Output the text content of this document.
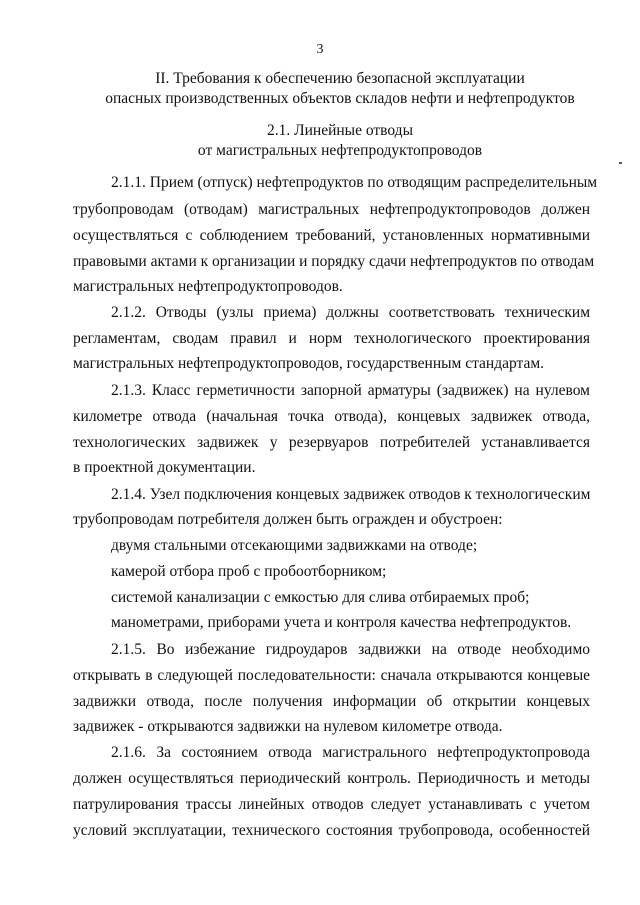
3
II. Требования к обеспечению безопасной эксплуатации
опасных производственных объектов складов нефти и нефтепродуктов
2.1. Линейные отводы
от магистральных нефтепродуктопроводов
2.1.1. Прием (отпуск) нефтепродуктов по отводящим распределительным
трубопроводам (отводам) магистральных нефтепродуктопроводов должен
осуществляться с соблюдением требований, установленных нормативными
правовыми актами к организации и порядку сдачи нефтепродуктов по отводам
магистральных нефтепродуктопроводов.
2.1.2. Отводы (узлы приема) должны соответствовать техническим
регламентам, сводам правил и норм технологического проектирования
магистральных нефтепродуктопроводов, государственным стандартам.
2.1.3. Класс герметичности запорной арматуры (задвижек) на нулевом
километре отвода (начальная точка отвода), концевых задвижек отвода,
технологических задвижек у резервуаров потребителей устанавливается
в проектной документации.
2.1.4. Узел подключения концевых задвижек отводов к технологическим
трубопроводам потребителя должен быть огражден и обустроен:
двумя стальными отсекающими задвижками на отводе;
камерой отбора проб с пробоотборником;
системой канализации с емкостью для слива отбираемых проб;
манометрами, приборами учета и контроля качества нефтепродуктов.
2.1.5. Во избежание гидроударов задвижки на отводе необходимо
открывать в следующей последовательности: сначала открываются концевые
задвижки отвода, после получения информации об открытии концевых
задвижек - открываются задвижки на нулевом километре отвода.
2.1.6. За состоянием отвода магистрального нефтепродуктопровода
должен осуществляться периодический контроль. Периодичность и методы
патрулирования трассы линейных отводов следует устанавливать с учетом
условий эксплуатации, технического состояния трубопровода, особенностей
